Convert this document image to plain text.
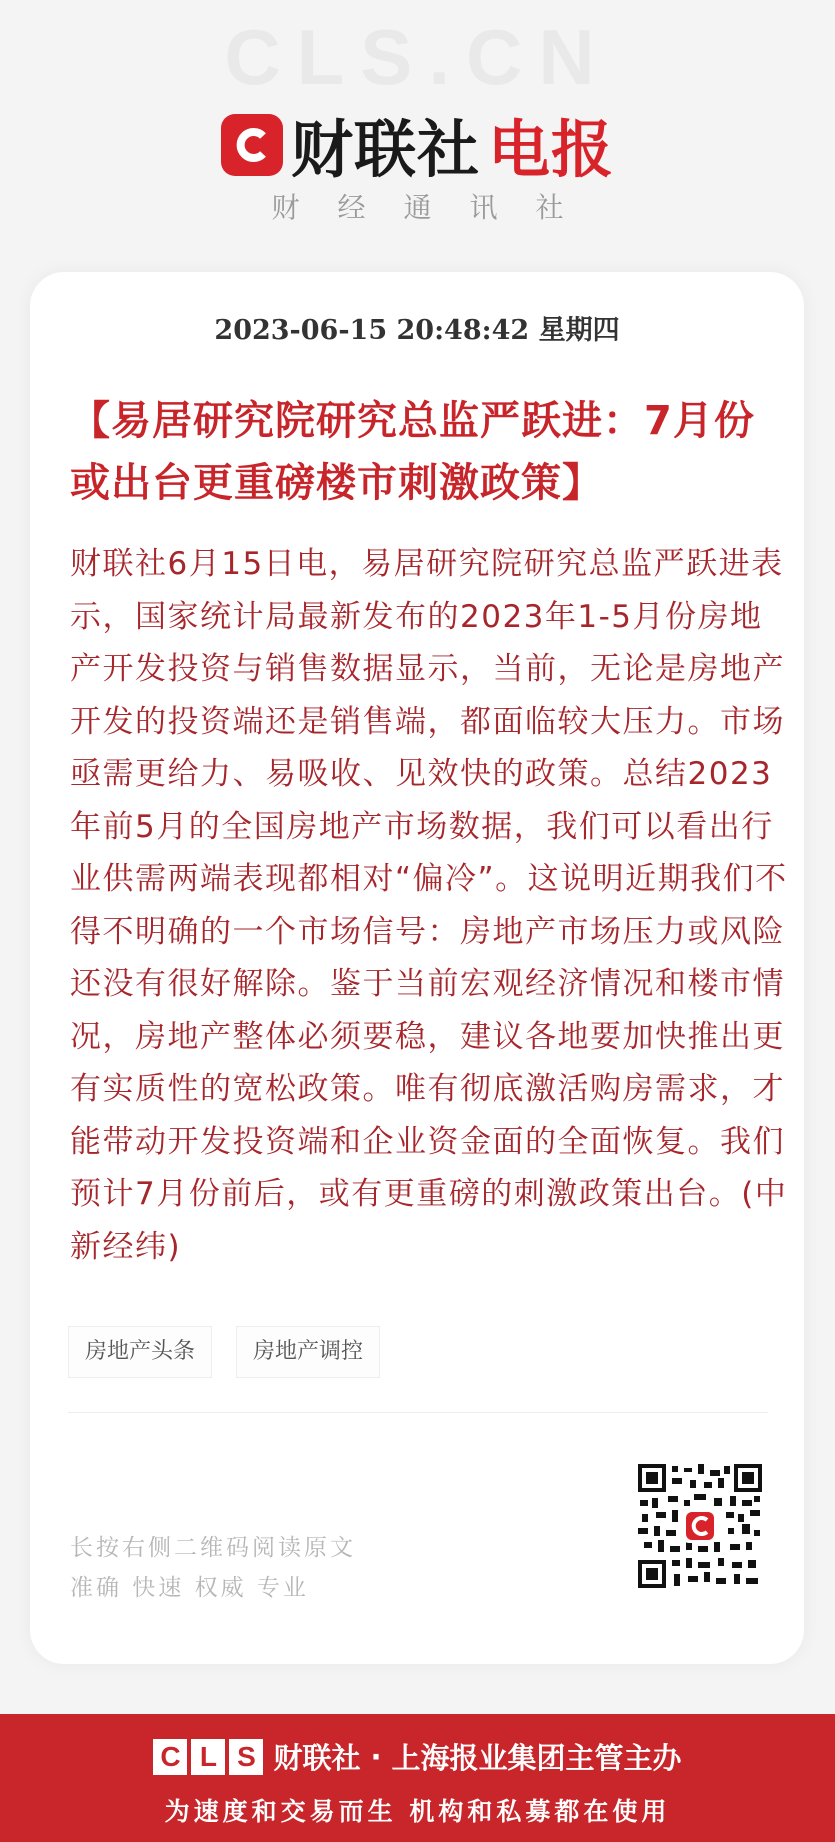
CLS.CN
财联社 电报
财经通讯社
2023-06-15 20:48:42 星期四
【易居研究院研究总监严跃进：7月份或出台更重磅楼市刺激政策】

财联社6月15日电，易居研究院研究总监严跃进表示，国家统计局最新发布的2023年1-5月份房地产开发投资与销售数据显示，当前，无论是房地产开发的投资端还是销售端，都面临较大压力。市场亟需更给力、易吸收、见效快的政策。总结2023年前5月的全国房地产市场数据，我们可以看出行业供需两端表现都相对“偏冷”。这说明近期我们不得不明确的一个市场信号：房地产市场压力或风险还没有很好解除。鉴于当前宏观经济情况和楼市情况，房地产整体必须要稳，建议各地要加快推出更有实质性的宽松政策。唯有彻底激活购房需求，才能带动开发投资端和企业资金面的全面恢复。我们预计7月份前后，或有更重磅的刺激政策出台。(中新经纬)

房地产头条	房地产调控
长按右侧二维码阅读原文
准确 快速 权威 专业
C L S 财联社 · 上海报业集团主管主办
为速度和交易而生 机构和私募都在使用
